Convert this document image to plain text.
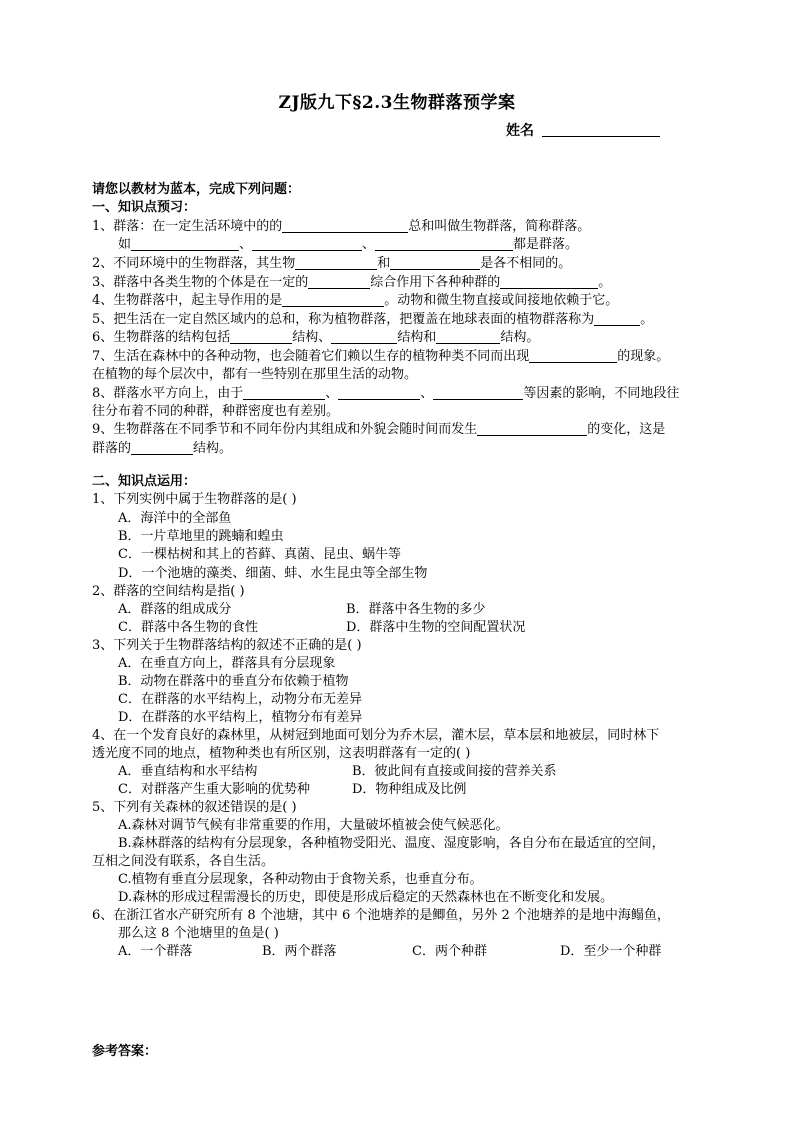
ZJ版九下§2.3生物群落预学案
姓名
请您以教材为蓝本，完成下列问题：
一、知识点预习：
1、群落：在一定生活环境中的的	总和叫做生物群落，简称群落。
如	、	、	都是群落。
2、不同环境中的生物群落，其生物	和	是各不相同的。
3、群落中各类生物的个体是在一定的	综合作用下各种种群的	。
4、生物群落中，起主导作用的是	。动物和微生物直接或间接地依赖于它。
5、把生活在一定自然区域内的总和，称为植物群落，把覆盖在地球表面的植物群落称为	。
6、生物群落的结构包括	结构、	结构和	结构。
7、生活在森林中的各种动物，也会随着它们赖以生存的植物种类不同而出现	的现象。
在植物的每个层次中，都有一些特别在那里生活的动物。
8、群落水平方向上，由于	、	、	等因素的影响，不同地段往
往分布着不同的种群，种群密度也有差别。
9、生物群落在不同季节和不同年份内其组成和外貌会随时间而发生	的变化，这是
群落的	结构。
二、知识点运用：
1、下列实例中属于生物群落的是( )
A．海洋中的全部鱼
B．一片草地里的跳蝻和蝗虫
C．一棵枯树和其上的苔藓、真菌、昆虫、蜗牛等
D．一个池塘的藻类、细菌、蚌、水生昆虫等全部生物
2、群落的空间结构是指( )
A．群落的组成成分	B．群落中各生物的多少
C．群落中各生物的食性	D．群落中生物的空间配置状况
3、下列关于生物群落结构的叙述不正确的是( )
A．在垂直方向上，群落具有分层现象
B．动物在群落中的垂直分布依赖于植物
C．在群落的水平结构上，动物分布无差异
D．在群落的水平结构上，植物分布有差异
4、在一个发育良好的森林里，从树冠到地面可划分为乔木层，灌木层，草本层和地被层，同时林下
透光度不同的地点，植物种类也有所区别，这表明群落有一定的( )
A．垂直结构和水平结构	B．彼此间有直接或间接的营养关系
C．对群落产生重大影响的优势种	D．物种组成及比例
5、下列有关森林的叙述错误的是( )
A.森林对调节气候有非常重要的作用，大量破坏植被会使气候恶化。
B.森林群落的结构有分层现象，各种植物受阳光、温度、湿度影响，各自分布在最适宜的空间，
互相之间没有联系，各自生活。
C.植物有垂直分层现象，各种动物由于食物关系，也垂直分布。
D.森林的形成过程需漫长的历史，即使是形成后稳定的天然森林也在不断变化和发展。
6、在浙江省水产研究所有 8 个池塘，其中 6 个池塘养的是鲫鱼，另外 2 个池塘养的是地中海鳎鱼，
那么这 8 个池塘里的鱼是( )
A．一个群落	B．两个群落	C．两个种群	D．至少一个种群
参考答案：
